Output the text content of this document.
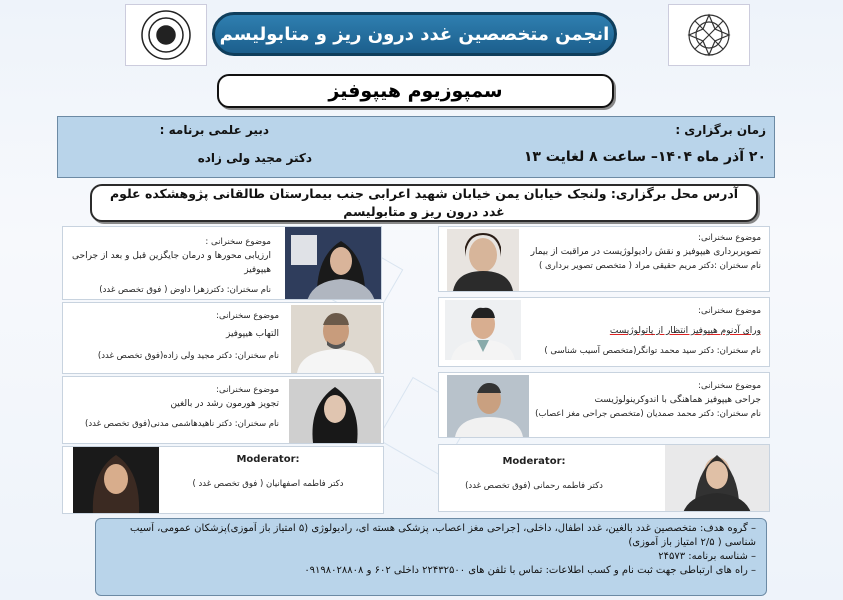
انجمن متخصصین غدد درون ریز و متابولیسم
سمپوزیوم هیپوفیز
زمان برگزاری :
۲۰ آذر ماه ۱۴۰۴– ساعت ۸ لغایت ۱۳
دبیر علمی برنامه :
دکتر مجید ولی زاده
آدرس محل برگزاری: ولنجک خیابان یمن خیابان شهید اعرابی جنب بیمارستان طالقانی پژوهشکده علوم غدد درون ریز و متابولیسم
موضوع سخنرانی:
تصویربرداری هیپوفیز و نقش رادیولوژیست در مراقبت از بیمار
نام سخنران :دکتر مریم حقیقی مراد ( متخصص تصویر برداری )
موضوع سخنرانی:
ورای آدنوم هیپوفیز انتظار از پاتولوژیست
نام سخنران: دکتر سید محمد توانگر(متخصص آسیب شناسی )
موضوع سخنرانی:
جراحی هیپوفیز هماهنگی با اندوکرینولوژیست
نام سخنران: دکتر محمد صمدیان (متخصص جراحی مغز اعصاب)
Moderator:
دکتر فاطمه رحمانی (فوق تخصص غدد)
موضوع سخنرانی :
ارزیابی محورها و درمان جایگزین قبل و بعد از جراحی هیپوفیز
نام سخنران: دکترزهرا داوض ( فوق تخصص غدد)
موضوع سخنرانی:
التهاب هیپوفیز
نام سخنران: دکتر مجید ولی زاده(فوق تخصص غدد)
موضوع سخنرانی:
تجویز هورمون رشد در بالغین
نام سخنران: دکتر ناهیدهاشمی مدنی(فوق تخصص غدد)
Moderator:
دکتر فاطمه اصفهانیان ( فوق تخصص غدد )
– گروه هدف: متخصصین غدد بالغین، غدد اطفال، داخلی، [جراحی مغز اعصاب، پزشکی هسته ای، رادیولوژی (۵ امتیاز باز آموزی)پزشکان عمومی، آسیب
شناسی ( ۲/۵ امتیاز باز آموزی)
– شناسه برنامه: ۲۴۵۷۳
– راه های ارتباطی جهت ثبت نام و کسب اطلاعات: تماس با تلفن های ۲۲۴۳۲۵۰۰ داخلی ۶۰۲ و ۰۹۱۹۸۰۲۸۸۰۸
